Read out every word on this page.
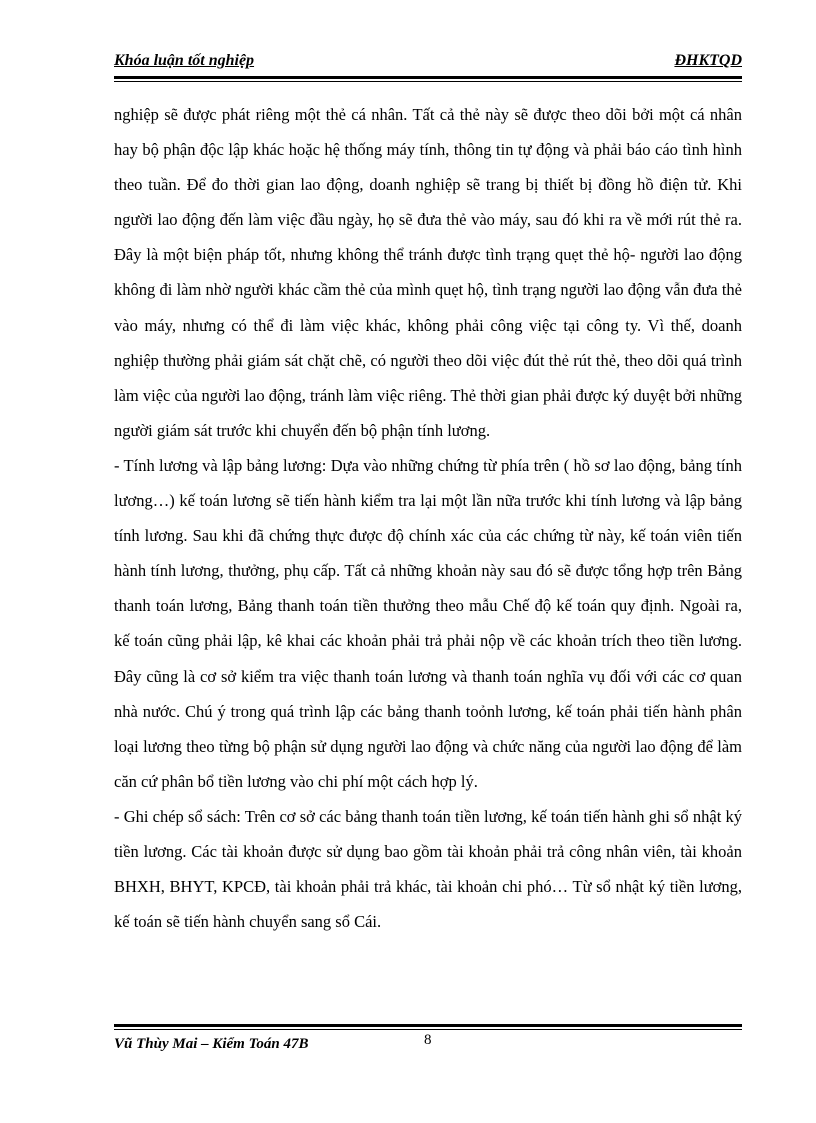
Khóa luận tốt nghiệp	ĐHKTQD

nghiệp sẽ được phát riêng một thẻ cá nhân. Tất cả thẻ này sẽ được theo dõi bởi một cá nhân hay bộ phận độc lập khác hoặc hệ thống máy tính, thông tin tự động và phải báo cáo tình hình theo tuần. Để đo thời gian lao động, doanh nghiệp sẽ trang bị thiết bị đồng hồ điện tử. Khi người lao động đến làm việc đầu ngày, họ sẽ đưa thẻ vào máy, sau đó khi ra về mới rút thẻ ra. Đây là một biện pháp tốt, nhưng không thể tránh được tình trạng quẹt thẻ hộ- người lao động không đi làm nhờ người khác cầm thẻ của mình quẹt hộ, tình trạng người lao động vẫn đưa thẻ vào máy, nhưng có thể đi làm việc khác, không phải công việc tại công ty. Vì thế, doanh nghiệp thường phải giám sát chặt chẽ, có người theo dõi việc đút thẻ rút thẻ, theo dõi quá trình làm việc của người lao động, tránh làm việc riêng. Thẻ thời gian phải được ký duyệt bởi những người giám sát trước khi chuyển đến bộ phận tính lương.

- Tính lương và lập bảng lương: Dựa vào những chứng từ phía trên ( hồ sơ lao động, bảng tính lương…) kế toán lương sẽ tiến hành kiểm tra lại một lần nữa trước khi tính lương và lập bảng tính lương. Sau khi đã chứng thực được độ chính xác của các chứng từ này, kế toán viên tiến hành tính lương, thưởng, phụ cấp. Tất cả những khoản này sau đó sẽ được tổng hợp trên Bảng thanh toán lương, Bảng thanh toán tiền thưởng theo mẫu Chế độ kế toán quy định. Ngoài ra, kế toán cũng phải lập, kê khai các khoản phải trả phải nộp về các khoản trích theo tiền lương. Đây cũng là cơ sở kiểm tra việc thanh toán lương và thanh toán nghĩa vụ đối với các cơ quan nhà nước. Chú ý trong quá trình lập các bảng thanh toỏnh lương, kế toán phải tiến hành phân loại lương theo từng bộ phận sử dụng người lao động và chức năng của người lao động để làm căn cứ phân bổ tiền lương vào chi phí một cách hợp lý.

- Ghi chép sổ sách: Trên cơ sở các bảng thanh toán tiền lương, kế toán tiến hành ghi sổ nhật ký tiền lương. Các tài khoản được sử dụng bao gồm tài khoản phải trả công nhân viên, tài khoản BHXH, BHYT, KPCĐ, tài khoản phải trả khác, tài khoản chi phó… Từ sổ nhật ký tiền lương, kế toán sẽ tiến hành chuyển sang sổ Cái.

Vũ Thùy Mai – Kiểm Toán 47B	8
